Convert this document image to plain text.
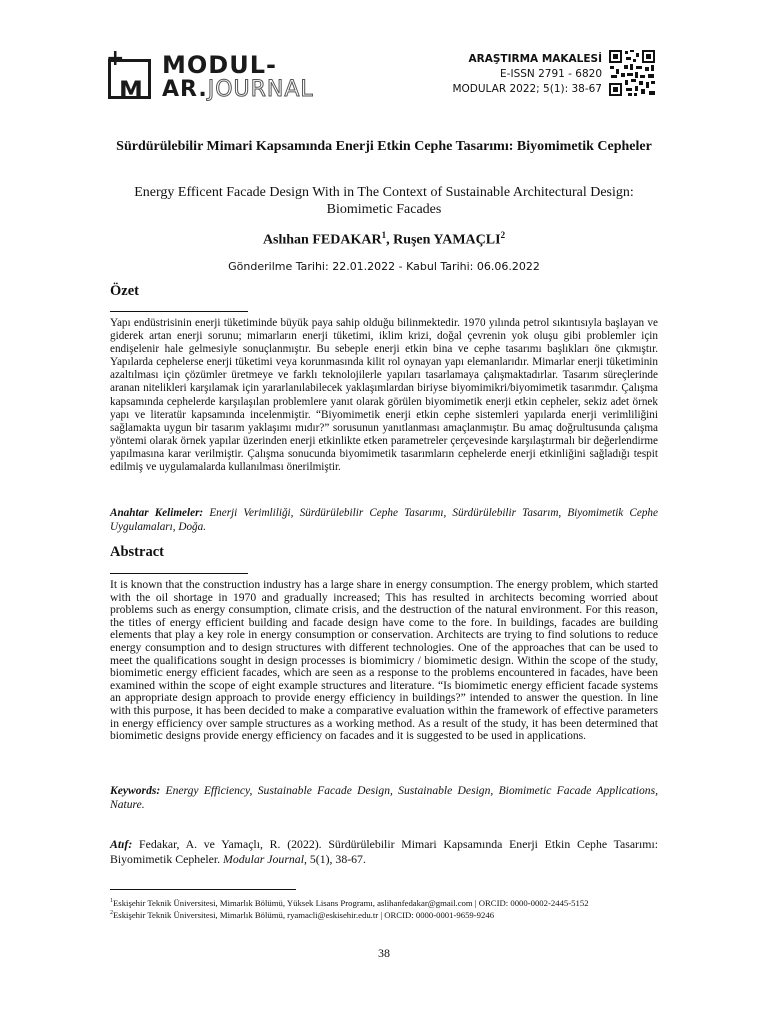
M
+ MODUL-
AR.JOURNAL
ARAŞTIRMA MAKALESİ
E-ISSN 2791 - 6820
MODULAR 2022; 5(1): 38-67
Sürdürülebilir Mimari Kapsamında Enerji Etkin Cephe Tasarımı: Biyomimetik Cepheler
Energy Efficent Facade Design With in The Context of Sustainable Architectural Design: Biomimetic Facades
Aslıhan FEDAKAR$^1$, Ruşen YAMAÇLI$^2$
Gönderilme Tarihi: 22.01.2022 - Kabul Tarihi: 06.06.2022
Özet
Yapı endüstrisinin enerji tüketiminde büyük paya sahip olduğu bilinmektedir. 1970 yılında petrol sıkıntısıyla başlayan ve giderek artan enerji sorunu; mimarların enerji tüketimi, iklim krizi, doğal çevrenin yok oluşu gibi problemler için endişelenir hale gelmesiyle sonuçlanmıştır. Bu sebeple enerji etkin bina ve cephe tasarımı başlıkları öne çıkmıştır. Yapılarda cephelerse enerji tüketimi veya korunmasında kilit rol oynayan yapı elemanlarıdır. Mimarlar enerji tüketiminin azaltılması için çözümler üretmeye ve farklı teknolojilerle yapıları tasarlamaya çalışmaktadırlar. Tasarım süreçlerinde aranan nitelikleri karşılamak için yararlanılabilecek yaklaşımlardan biriyse biyomimikri/biyomimetik tasarımdır. Çalışma kapsamında cephelerde karşılaşılan problemlere yanıt olarak görülen biyomimetik enerji etkin cepheler, sekiz adet örnek yapı ve literatür kapsamında incelenmiştir. “Biyomimetik enerji etkin cephe sistemleri yapılarda enerji verimliliğini sağlamakta uygun bir tasarım yaklaşımı mıdır?” sorusunun yanıtlanması amaçlanmıştır. Bu amaç doğrultusunda çalışma yöntemi olarak örnek yapılar üzerinden enerji etkinlikte etken parametreler çerçevesinde karşılaştırmalı bir değerlendirme yapılmasına karar verilmiştir. Çalışma sonucunda biyomimetik tasarımların cephelerde enerji etkinliğini sağladığı tespit edilmiş ve uygulamalarda kullanılması önerilmiştir.
Anahtar Kelimeler: Enerji Verimliliği, Sürdürülebilir Cephe Tasarımı, Sürdürülebilir Tasarım, Biyomimetik Cephe Uygulamaları, Doğa.
Abstract
It is known that the construction industry has a large share in energy consumption. The energy problem, which started with the oil shortage in 1970 and gradually increased; This has resulted in architects becoming worried about problems such as energy consumption, climate crisis, and the destruction of the natural environment. For this reason, the titles of energy efficient building and facade design have come to the fore. In buildings, facades are building elements that play a key role in energy consumption or conservation. Architects are trying to find solutions to reduce energy consumption and to design structures with different technologies. One of the approaches that can be used to meet the qualifications sought in design processes is biomimicry / biomimetic design. Within the scope of the study, biomimetic energy efficient facades, which are seen as a response to the problems encountered in facades, have been examined within the scope of eight example structures and literature. “Is biomimetic energy efficient facade systems an appropriate design approach to provide energy efficiency in buildings?” intended to answer the question. In line with this purpose, it has been decided to make a comparative evaluation within the framework of effective parameters in energy efficiency over sample structures as a working method. As a result of the study, it has been determined that biomimetic designs provide energy efficiency on facades and it is suggested to be used in applications.
Keywords: Energy Efficiency, Sustainable Facade Design, Sustainable Design, Biomimetic Facade Applications, Nature.
Atıf: Fedakar, A. ve Yamaçlı, R. (2022). Sürdürülebilir Mimari Kapsamında Enerji Etkin Cephe Tasarımı: Biyomimetik Cepheler. Modular Journal, 5(1), 38-67.
$^1$Eskişehir Teknik Üniversitesi, Mimarlık Bölümü, Yüksek Lisans Programı, aslihanfedakar@gmail.com | ORCID: 0000-0002-2445-5152
$^2$Eskişehir Teknik Üniversitesi, Mimarlık Bölümü, ryamacli@eskisehir.edu.tr | ORCID: 0000-0001-9659-9246
38
